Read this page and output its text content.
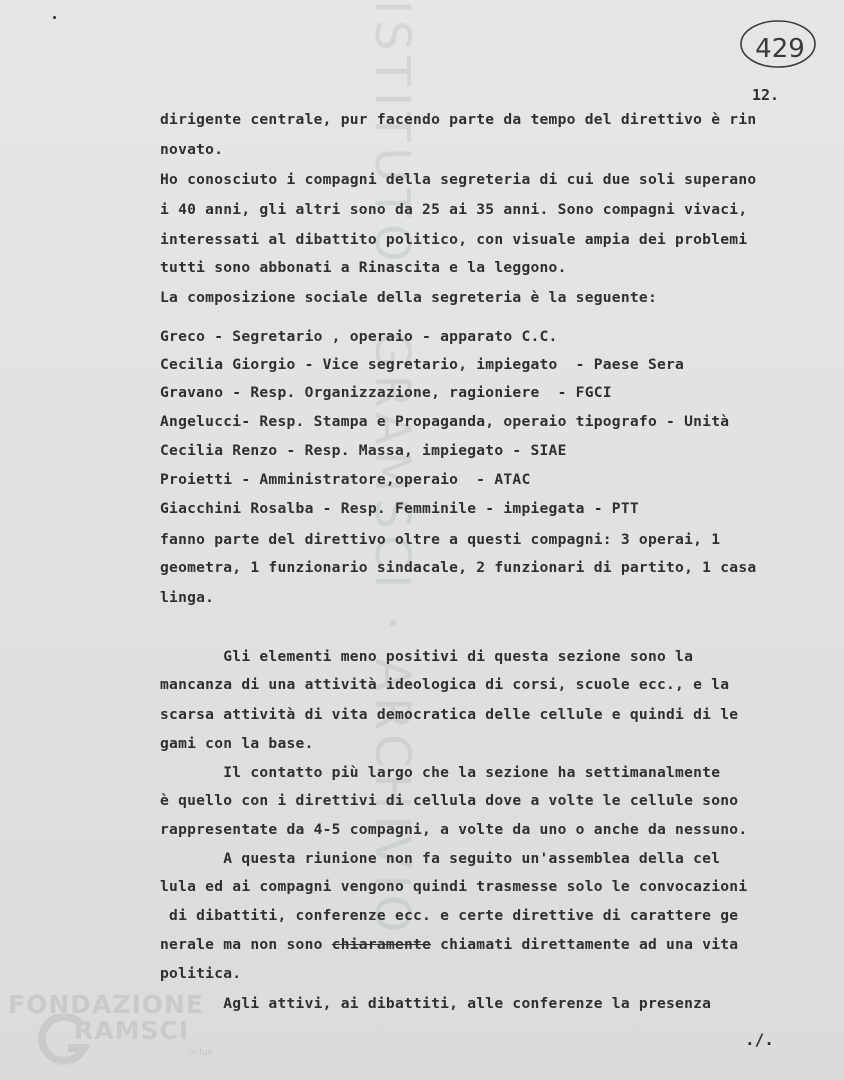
ISTITUTO · GRAMSCI · ARCHIVIO	429
12.
dirigente centrale, pur facendo parte da tempo del direttivo è rin
novato.
Ho conosciuto i compagni della segreteria di cui due soli superano
i 40 anni, gli altri sono da 25 ai 35 anni. Sono compagni vivaci,
interessati al dibattito politico, con visuale ampia dei problemi
tutti sono abbonati a Rinascita e la leggono.
La composizione sociale della segreteria è la seguente:
Greco - Segretario , operaio - apparato C.C.
Cecilia Giorgio - Vice segretario, impiegato  - Paese Sera
Gravano - Resp. Organizzazione, ragioniere  - FGCI
Angelucci- Resp. Stampa e Propaganda, operaio tipografo - Unità
Cecilia Renzo - Resp. Massa, impiegato - SIAE
Proietti - Amministratore,operaio  - ATAC
Giacchini Rosalba - Resp. Femminile - impiegata - PTT
fanno parte del direttivo oltre a questi compagni: 3 operai, 1
geometra, 1 funzionario sindacale, 2 funzionari di partito, 1 casa
linga.
Gli elementi meno positivi di questa sezione sono la
mancanza di una attività ideologica di corsi, scuole ecc., e la
scarsa attività di vita democratica delle cellule e quindi di le
gami con la base.
Il contatto più largo che la sezione ha settimanalmente
è quello con i direttivi di cellula dove a volte le cellule sono
rappresentate da 4-5 compagni, a volte da uno o anche da nessuno.
A questa riunione non fa seguito un'assemblea della cel
lula ed ai compagni vengono quindi trasmesse solo le convocazioni
di dibattiti, conferenze ecc. e certe direttive di carattere ge
nerale ma non sono chiaramente chiamati direttamente ad una vita
politica.
Agli attivi, ai dibattiti, alle conferenze la presenza
./.
FONDAZIONE
RAMSCI
onlus
